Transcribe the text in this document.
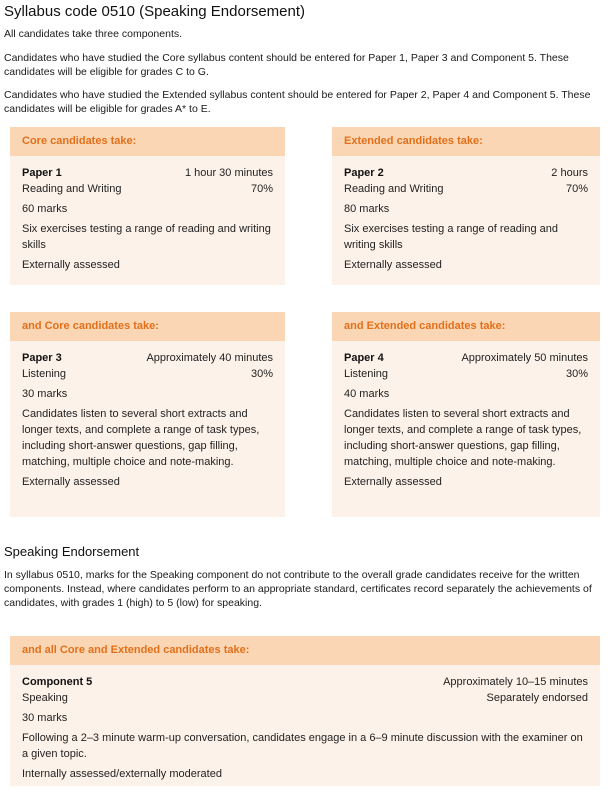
Syllabus code 0510 (Speaking Endorsement)

All candidates take three components.

Candidates who have studied the Core syllabus content should be entered for Paper 1, Paper 3 and Component 5. These candidates will be eligible for grades C to G.

Candidates who have studied the Extended syllabus content should be entered for Paper 2, Paper 4 and Component 5. These candidates will be eligible for grades A* to E.

Core candidates take:
Paper 1	1 hour 30 minutes
Reading and Writing	70%
60 marks

Six exercises testing a range of reading and writing skills

Externally assessed
Extended candidates take:
Paper 2	2 hours
Reading and Writing	70%
80 marks

Six exercises testing a range of reading and writing skills

Externally assessed
and Core candidates take:
Paper 3	Approximately 40 minutes
Listening	30%
30 marks

Candidates listen to several short extracts and longer texts, and complete a range of task types, including short-answer questions, gap filling, matching, multiple choice and note-making.

Externally assessed
and Extended candidates take:
Paper 4	Approximately 50 minutes
Listening	30%
40 marks

Candidates listen to several short extracts and longer texts, and complete a range of task types, including short-answer questions, gap filling, matching, multiple choice and note-making.

Externally assessed
Speaking Endorsement

In syllabus 0510, marks for the Speaking component do not contribute to the overall grade candidates receive for the written components. Instead, where candidates perform to an appropriate standard, certificates record separately the achievements of candidates, with grades 1 (high) to 5 (low) for speaking.

and all Core and Extended candidates take:
Component 5	Approximately 10–15 minutes
Speaking	Separately endorsed
30 marks

Following a 2–3 minute warm-up conversation, candidates engage in a 6–9 minute discussion with the examiner on a given topic.

Internally assessed/externally moderated
